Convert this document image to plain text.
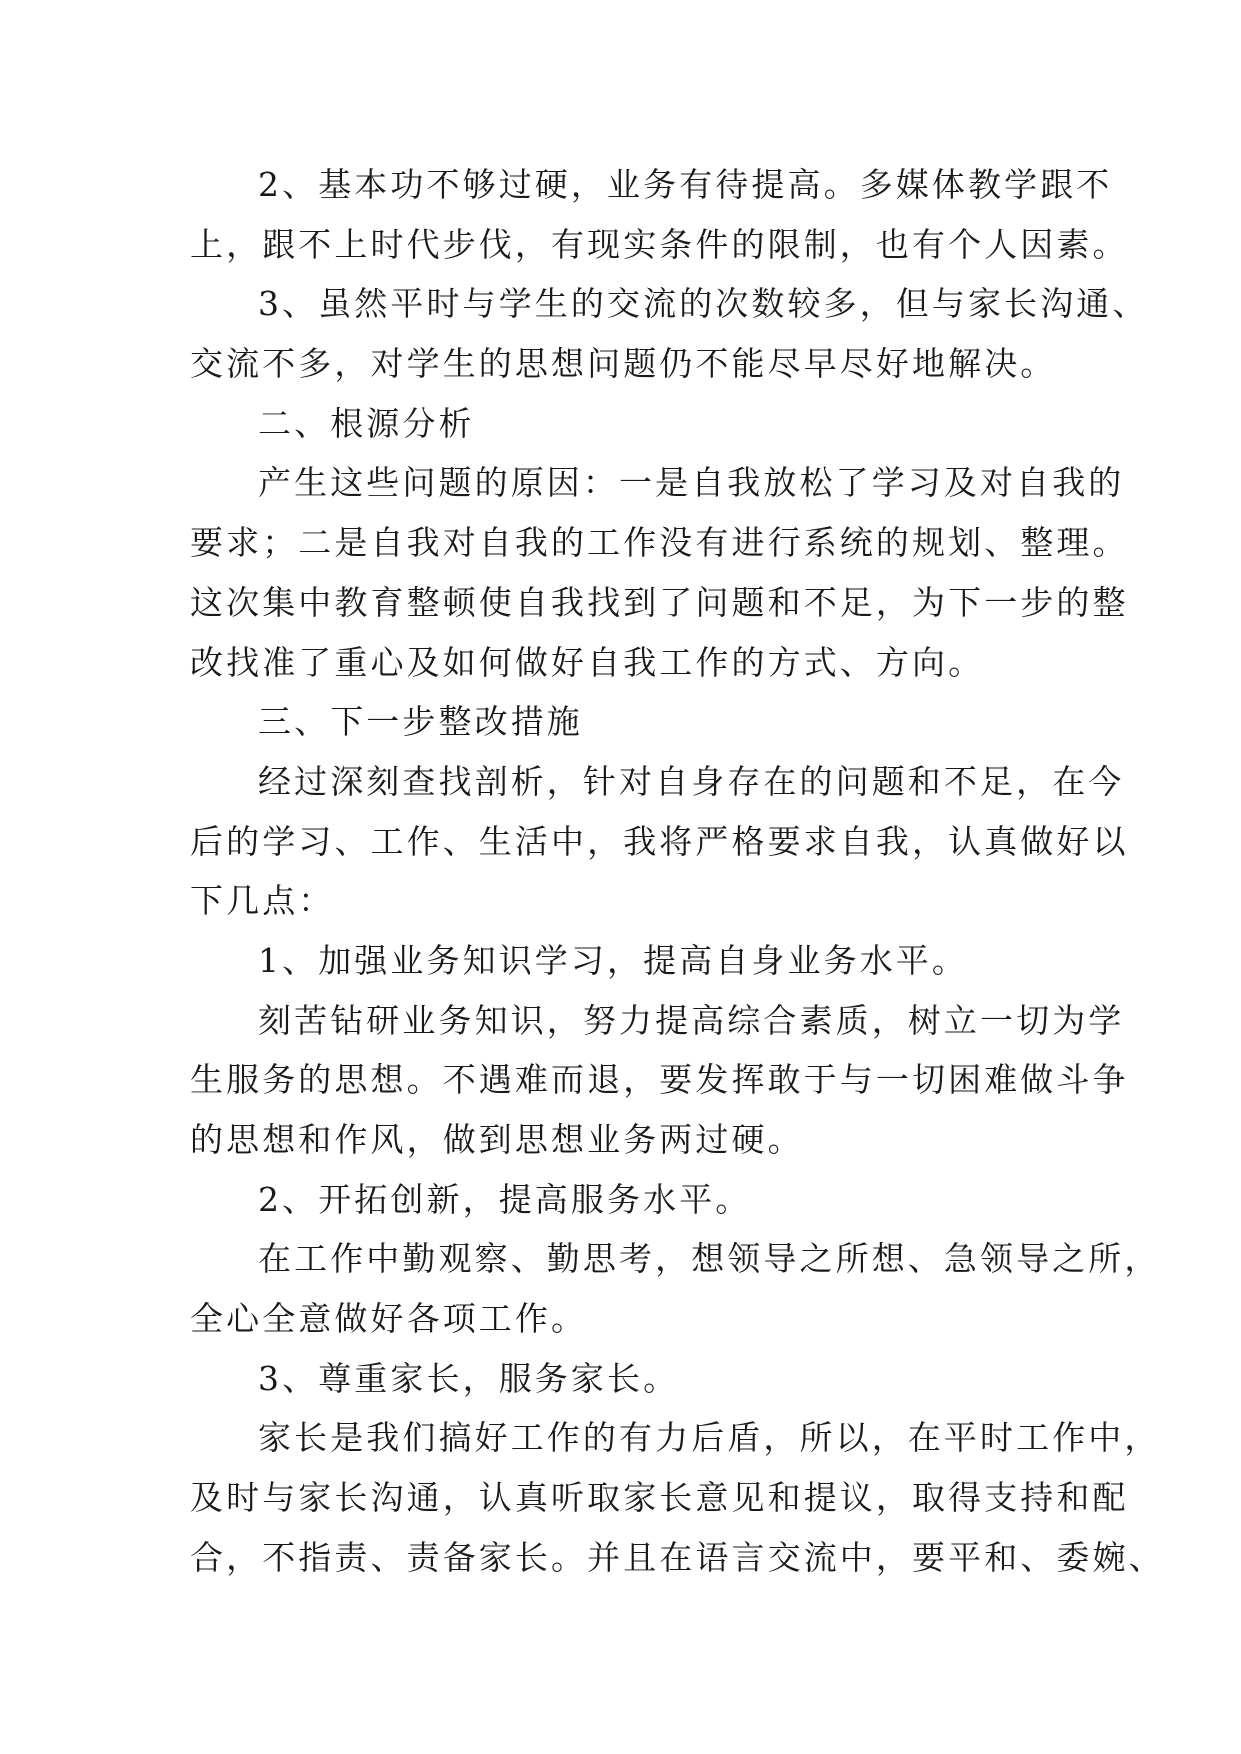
2、基本功不够过硬，业务有待提高。多媒体教学跟不
上，跟不上时代步伐，有现实条件的限制，也有个人因素。
3、虽然平时与学生的交流的次数较多，但与家长沟通、
交流不多，对学生的思想问题仍不能尽早尽好地解决。
二、根源分析
产生这些问题的原因：一是自我放松了学习及对自我的
要求；二是自我对自我的工作没有进行系统的规划、整理。
这次集中教育整顿使自我找到了问题和不足，为下一步的整
改找准了重心及如何做好自我工作的方式、方向。
三、下一步整改措施
经过深刻查找剖析，针对自身存在的问题和不足，在今
后的学习、工作、生活中，我将严格要求自我，认真做好以
下几点：
1、加强业务知识学习，提高自身业务水平。
刻苦钻研业务知识，努力提高综合素质，树立一切为学
生服务的思想。不遇难而退，要发挥敢于与一切困难做斗争
的思想和作风，做到思想业务两过硬。
2、开拓创新，提高服务水平。
在工作中勤观察、勤思考，想领导之所想、急领导之所，
全心全意做好各项工作。
3、尊重家长，服务家长。
家长是我们搞好工作的有力后盾，所以，在平时工作中，
及时与家长沟通，认真听取家长意见和提议，取得支持和配
合，不指责、责备家长。并且在语言交流中，要平和、委婉、
